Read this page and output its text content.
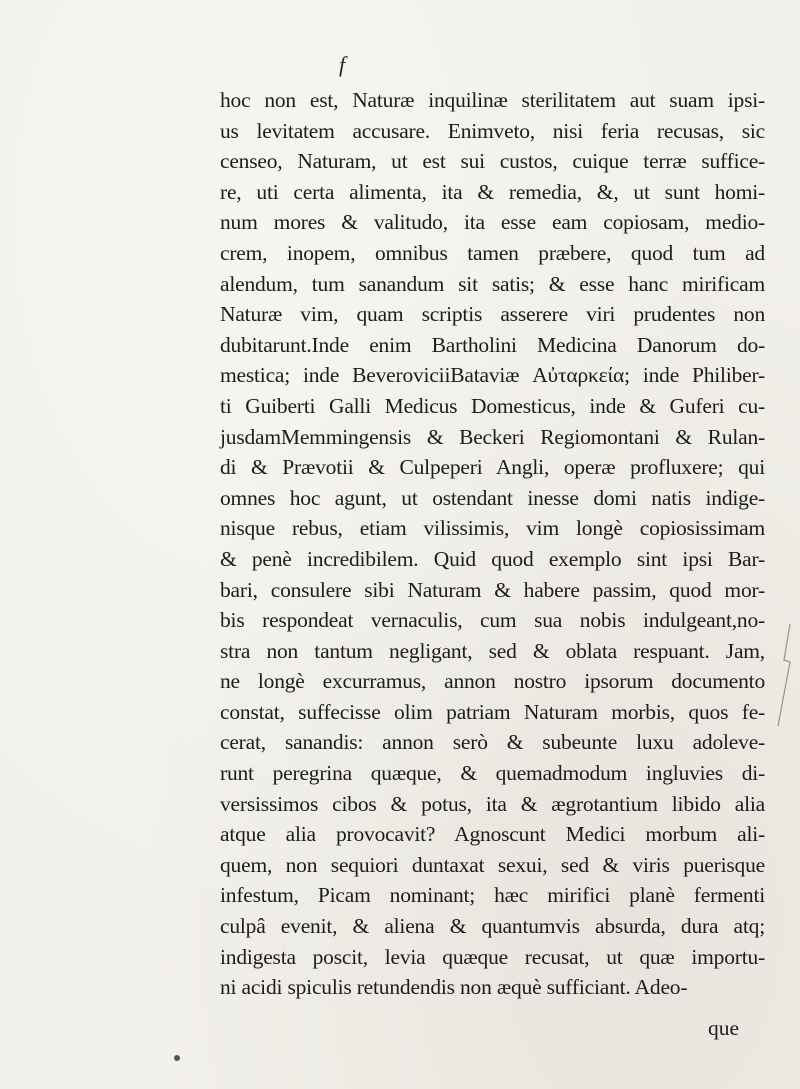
f
hoc non est, Naturæ inquilinæ sterilitatem aut suam ipsi-
us levitatem accusare. Enimveto, nisi feria recusas, sic
censeo, Naturam, ut est sui custos, cuique terræ suffice-
re, uti certa alimenta, ita & remedia, &, ut sunt homi-
num mores & valitudo, ita esse eam copiosam, medio-
crem, inopem, omnibus tamen præbere, quod tum ad
alendum, tum sanandum sit satis; & esse hanc mirificam
Naturæ vim, quam scriptis asserere viri prudentes non
dubitarunt.Inde enim Bartholini Medicina Danorum do-
mestica; inde BeveroviciiBataviæ Αὐταρκεία; inde Philiber-
ti Guiberti Galli Medicus Domesticus, inde & Guferi cu-
jusdamMemmingensis & Beckeri Regiomontani & Rulan-
di & Prævotii & Culpeperi Angli, operæ profluxere; qui
omnes hoc agunt, ut ostendant inesse domi natis indige-
nisque rebus, etiam vilissimis, vim longè copiosissimam
& penè incredibilem. Quid quod exemplo sint ipsi Bar-
bari, consulere sibi Naturam & habere passim, quod mor-
bis respondeat vernaculis, cum sua nobis indulgeant,no-
stra non tantum negligant, sed & oblata respuant. Jam,
ne longè excurramus, annon nostro ipsorum documento
constat, suffecisse olim patriam Naturam morbis, quos fe-
cerat, sanandis: annon serò & subeunte luxu adoleve-
runt peregrina quæque, & quemadmodum ingluvies di-
versissimos cibos & potus, ita & ægrotantium libido alia
atque alia provocavit? Agnoscunt Medici morbum ali-
quem, non sequiori duntaxat sexui, sed & viris puerisque
infestum, Picam nominant; hæc mirifici planè fermenti
culpâ evenit, & aliena & quantumvis absurda, dura atq;
indigesta poscit, levia quæque recusat, ut quæ importu-
ni acidi spiculis retundendis non æquè sufficiant. Adeo-
que
